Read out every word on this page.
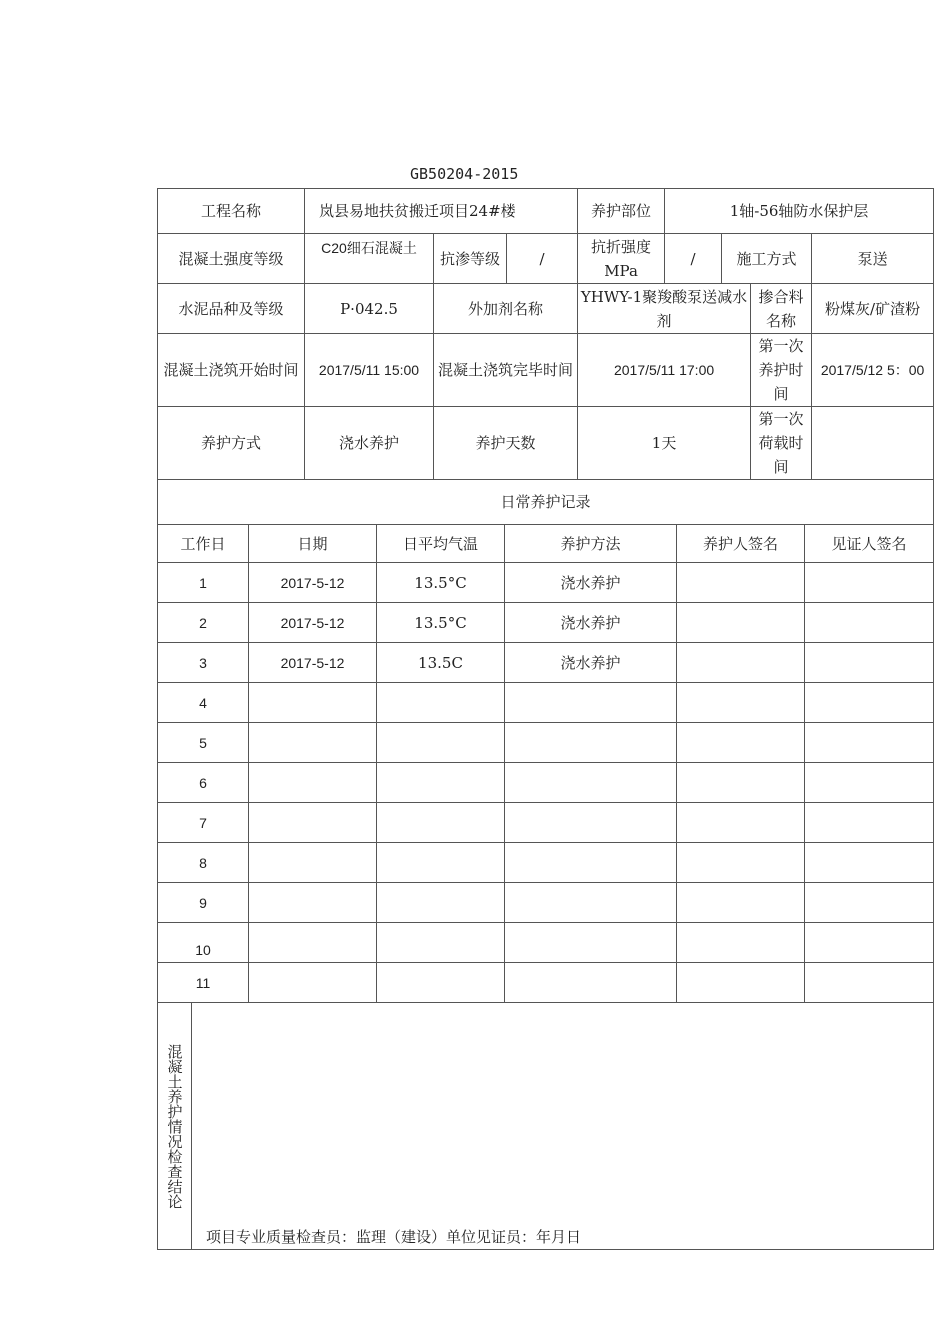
GB50204-2015
工程名称	岚县易地扶贫搬迁项目24#楼			养护部位	1轴-56轴防水保护层			
混凝土强度等级	C20细石混凝土	抗渗等级	/	抗折强度MPa	/	施工方式		泵送
水泥品种及等级	P·042.5	外加剂名称		YHWY-1聚羧酸泵送减水剂			掺合料名称	粉煤灰/矿渣粉
混凝土浇筑开始时间	2017/5/11 15:00	混凝土浇筑完毕时间		2017/5/11 17:00			第一次养护时间	2017/5/12 5：00
养护方式	浇水养护	养护天数		1天			第一次荷载时间	
日常养护记录								
工作日	日期	日平均气温	养护方法	养护人签名	见证人签名
1	2017-5-12	13.5°C	浇水养护		
2	2017-5-12	13.5°C	浇水养护		
3	2017-5-12	13.5C	浇水养护		
4					
5					
6					
7					
8					
9					
10					
11					
混凝土养护情况检查结论

项目专业质量检查员：监理（建设）单位见证员：年月日
